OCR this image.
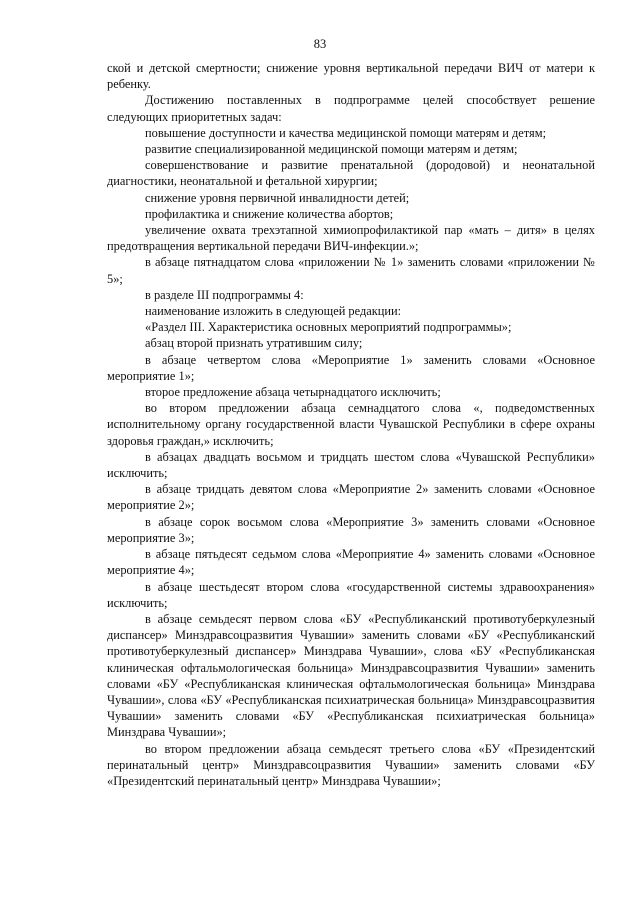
83

ской и детской смертности; снижение уровня вертикальной передачи ВИЧ от матери к ребенку.

Достижению поставленных в подпрограмме целей способствует решение следующих приоритетных задач:

повышение доступности и качества медицинской помощи матерям и детям;

развитие специализированной медицинской помощи матерям и детям;

совершенствование и развитие пренатальной (дородовой) и неонатальной диагностики, неонатальной и фетальной хирургии;

снижение уровня первичной инвалидности детей;

профилактика и снижение количества абортов;

увеличение охвата трехэтапной химиопрофилактикой пар «мать – дитя» в целях предотвращения вертикальной передачи ВИЧ-инфекции.»;

в абзаце пятнадцатом слова «приложении № 1» заменить словами «приложении № 5»;

в разделе III подпрограммы 4:

наименование изложить в следующей редакции:

«Раздел III. Характеристика основных мероприятий подпрограммы»;

абзац второй признать утратившим силу;

в абзаце четвертом слова «Мероприятие 1» заменить словами «Основное мероприятие 1»;

второе предложение абзаца четырнадцатого исключить;

во втором предложении абзаца семнадцатого слова «, подведомственных исполнительному органу государственной власти Чувашской Республики в сфере охраны здоровья граждан,» исключить;

в абзацах двадцать восьмом и тридцать шестом слова «Чувашской Республики» исключить;

в абзаце тридцать девятом слова «Мероприятие 2» заменить словами «Основное мероприятие 2»;

в абзаце сорок восьмом слова «Мероприятие 3» заменить словами «Основное мероприятие 3»;

в абзаце пятьдесят седьмом слова «Мероприятие 4» заменить словами «Основное мероприятие 4»;

в абзаце шестьдесят втором слова «государственной системы здравоохранения» исключить;

в абзаце семьдесят первом слова «БУ «Республиканский противотуберкулезный диспансер» Минздравсоцразвития Чувашии» заменить словами «БУ «Республиканский противотуберкулезный диспансер» Минздрава Чувашии», слова «БУ «Республиканская клиническая офтальмологическая больница» Минздравсоцразвития Чувашии» заменить словами «БУ «Республиканская клиническая офтальмологическая больница» Минздрава Чувашии», слова «БУ «Республиканская психиатрическая больница» Минздравсоцразвития Чувашии» заменить словами «БУ «Республиканская психиатрическая больница» Минздрава Чувашии»;

во втором предложении абзаца семьдесят третьего слова «БУ «Президентский перинатальный центр» Минздравсоцразвития Чувашии» заменить словами «БУ «Президентский перинатальный центр» Минздрава Чувашии»;
